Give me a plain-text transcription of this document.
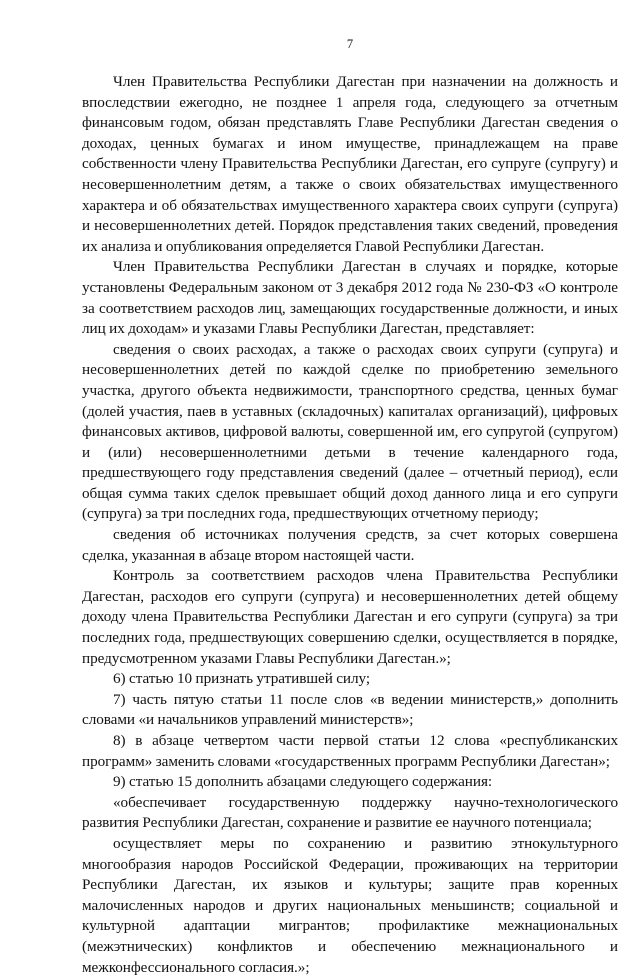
7

Член Правительства Республики Дагестан при назначении на должность и впоследствии ежегодно, не позднее 1 апреля года, следующего за отчетным финансовым годом, обязан представлять Главе Республики Дагестан сведения о доходах, ценных бумагах и ином имуществе, принадлежащем на праве собственности члену Правительства Республики Дагестан, его супруге (супругу) и несовершеннолетним детям, а также о своих обязательствах имущественного характера и об обязательствах имущественного характера своих супруги (супруга) и несовершеннолетних детей. Порядок представления таких сведений, проведения их анализа и опубликования определяется Главой Республики Дагестан.

Член Правительства Республики Дагестан в случаях и порядке, которые установлены Федеральным законом от 3 декабря 2012 года № 230-ФЗ «О контроле за соответствием расходов лиц, замещающих государственные должности, и иных лиц их доходам» и указами Главы Республики Дагестан, представляет:

сведения о своих расходах, а также о расходах своих супруги (супруга) и несовершеннолетних детей по каждой сделке по приобретению земельного участка, другого объекта недвижимости, транспортного средства, ценных бумаг (долей участия, паев в уставных (складочных) капиталах организаций), цифровых финансовых активов, цифровой валюты, совершенной им, его супругой (супругом) и (или) несовершеннолетними детьми в течение календарного года, предшествующего году представления сведений (далее – отчетный период), если общая сумма таких сделок превышает общий доход данного лица и его супруги (супруга) за три последних года, предшествующих отчетному периоду;

сведения об источниках получения средств, за счет которых совершена сделка, указанная в абзаце втором настоящей части.

Контроль за соответствием расходов члена Правительства Республики Дагестан, расходов его супруги (супруга) и несовершеннолетних детей общему доходу члена Правительства Республики Дагестан и его супруги (супруга) за три последних года, предшествующих совершению сделки, осуществляется в порядке, предусмотренном указами Главы Республики Дагестан.»;

6) статью 10 признать утратившей силу;

7) часть пятую статьи 11 после слов «в ведении министерств,» дополнить словами «и начальников управлений министерств»;

8) в абзаце четвертом части первой статьи 12 слова «республиканских программ» заменить словами «государственных программ Республики Дагестан»;

9) статью 15 дополнить абзацами следующего содержания:

«обеспечивает государственную поддержку научно-технологического развития Республики Дагестан, сохранение и развитие ее научного потенциала;

осуществляет меры по сохранению и развитию этнокультурного многообразия народов Российской Федерации, проживающих на территории Республики Дагестан, их языков и культуры; защите прав коренных малочисленных народов и других национальных меньшинств; социальной и культурной адаптации мигрантов; профилактике межнациональных (межэтнических) конфликтов и обеспечению межнационального и межконфессионального согласия.»;
